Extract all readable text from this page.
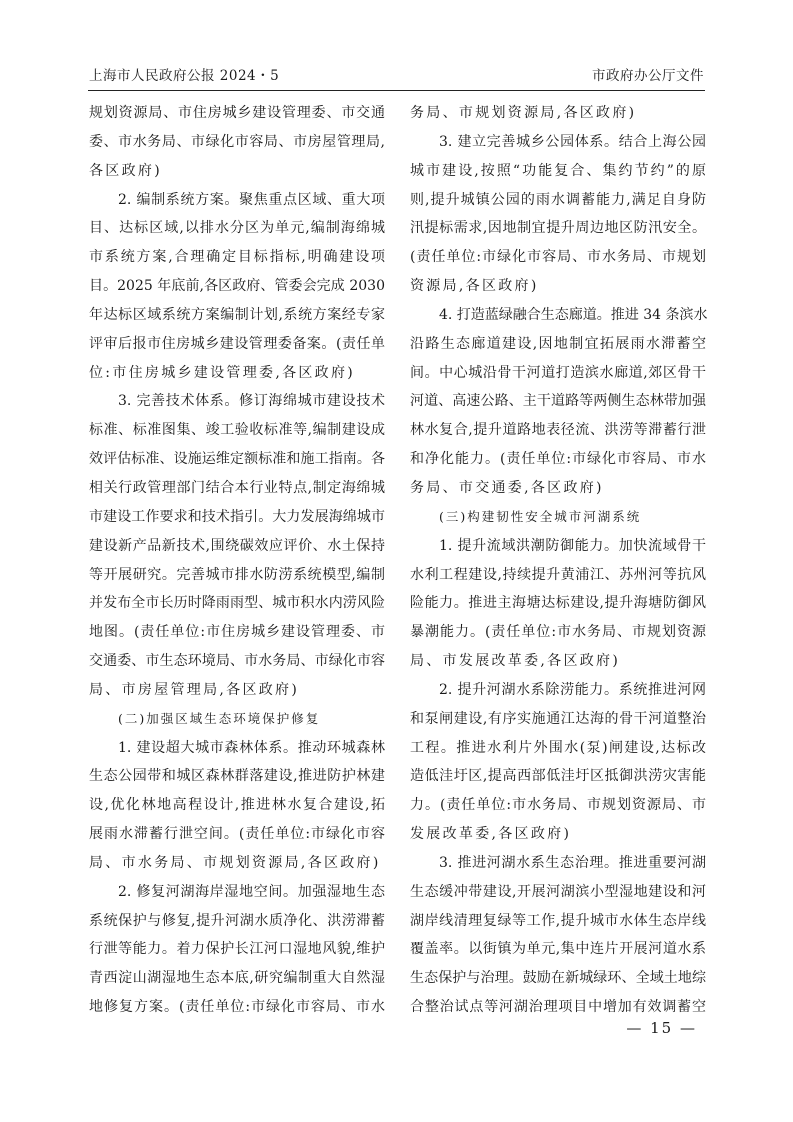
上海市人民政府公报 2024・5	市政府办公厅文件
规划资源局、市住房城乡建设管理委、市交通
委、市水务局、市绿化市容局、市房屋管理局,
各区政府)
2. 编制系统方案。聚焦重点区域、重大项
目、达标区域,以排水分区为单元,编制海绵城
市系统方案,合理确定目标指标,明确建设项
目。2025 年底前,各区政府、管委会完成 2030
年达标区域系统方案编制计划,系统方案经专家
评审后报市住房城乡建设管理委备案。(责任单
位:市住房城乡建设管理委,各区政府)
3. 完善技术体系。修订海绵城市建设技术
标准、标准图集、竣工验收标准等,编制建设成
效评估标准、设施运维定额标准和施工指南。各
相关行政管理部门结合本行业特点,制定海绵城
市建设工作要求和技术指引。大力发展海绵城市
建设新产品新技术,围绕碳效应评价、水土保持
等开展研究。完善城市排水防涝系统模型,编制
并发布全市长历时降雨雨型、城市积水内涝风险
地图。(责任单位:市住房城乡建设管理委、市
交通委、市生态环境局、市水务局、市绿化市容
局、市房屋管理局,各区政府)
(二)加强区域生态环境保护修复
1. 建设超大城市森林体系。推动环城森林
生态公园带和城区森林群落建设,推进防护林建
设,优化林地高程设计,推进林水复合建设,拓
展雨水滞蓄行泄空间。(责任单位:市绿化市容
局、市水务局、市规划资源局,各区政府)
2. 修复河湖海岸湿地空间。加强湿地生态
系统保护与修复,提升河湖水质净化、洪涝滞蓄
行泄等能力。着力保护长江河口湿地风貌,维护
青西淀山湖湿地生态本底,研究编制重大自然湿
地修复方案。(责任单位:市绿化市容局、市水
务局、市规划资源局,各区政府)
3. 建立完善城乡公园体系。结合上海公园
城市建设,按照“功能复合、集约节约”的原
则,提升城镇公园的雨水调蓄能力,满足自身防
汛提标需求,因地制宜提升周边地区防汛安全。
(责任单位:市绿化市容局、市水务局、市规划
资源局,各区政府)
4. 打造蓝绿融合生态廊道。推进 34 条滨水
沿路生态廊道建设,因地制宜拓展雨水滞蓄空
间。中心城沿骨干河道打造滨水廊道,郊区骨干
河道、高速公路、主干道路等两侧生态林带加强
林水复合,提升道路地表径流、洪涝等滞蓄行泄
和净化能力。(责任单位:市绿化市容局、市水
务局、市交通委,各区政府)
(三)构建韧性安全城市河湖系统
1. 提升流域洪潮防御能力。加快流域骨干
水利工程建设,持续提升黄浦江、苏州河等抗风
险能力。推进主海塘达标建设,提升海塘防御风
暴潮能力。(责任单位:市水务局、市规划资源
局、市发展改革委,各区政府)
2. 提升河湖水系除涝能力。系统推进河网
和泵闸建设,有序实施通江达海的骨干河道整治
工程。推进水利片外围水(泵)闸建设,达标改
造低洼圩区,提高西部低洼圩区抵御洪涝灾害能
力。(责任单位:市水务局、市规划资源局、市
发展改革委,各区政府)
3. 推进河湖水系生态治理。推进重要河湖
生态缓冲带建设,开展河湖滨小型湿地建设和河
湖岸线清理复绿等工作,提升城市水体生态岸线
覆盖率。以街镇为单元,集中连片开展河道水系
生态保护与治理。鼓励在新城绿环、全域土地综
合整治试点等河湖治理项目中增加有效调蓄空
— 15 —
